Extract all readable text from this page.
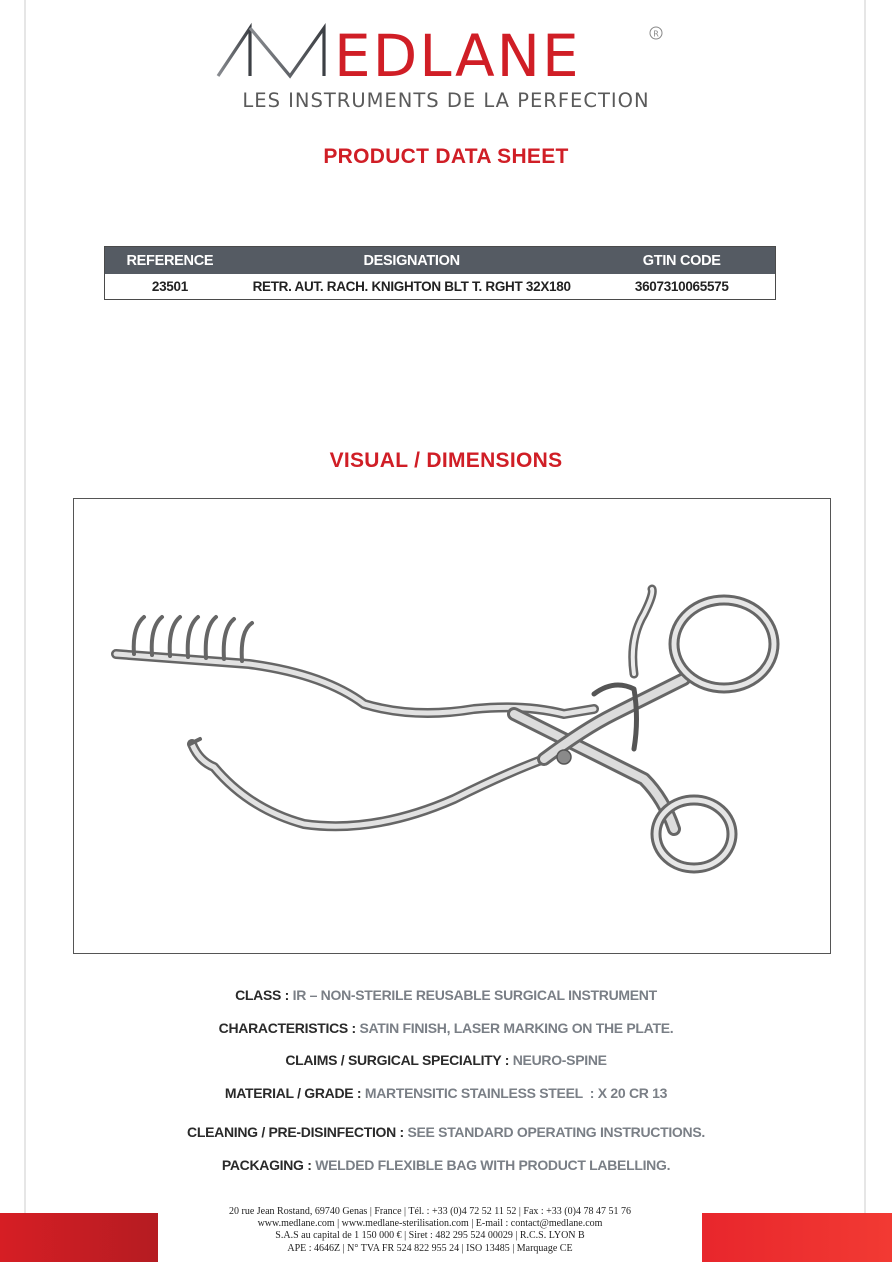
EDLANE	R
LES INSTRUMENTS DE LA PERFECTION
PRODUCT DATA SHEET
REFERENCE	DESIGNATION	GTIN CODE
23501	RETR. AUT. RACH. KNIGHTON BLT T. RGHT 32X180	3607310065575
VISUAL / DIMENSIONS
CLASS : IR – NON-STERILE REUSABLE SURGICAL INSTRUMENT
CHARACTERISTICS : SATIN FINISH, LASER MARKING ON THE PLATE.
CLAIMS / SURGICAL SPECIALITY : NEURO-SPINE
MATERIAL / GRADE : MARTENSITIC STAINLESS STEEL  : X 20 CR 13
CLEANING / PRE-DISINFECTION : SEE STANDARD OPERATING INSTRUCTIONS.
PACKAGING : WELDED FLEXIBLE BAG WITH PRODUCT LABELLING.
20 rue Jean Rostand, 69740 Genas | France | Tél. : +33 (0)4 72 52 11 52 | Fax : +33 (0)4 78 47 51 76
www.medlane.com | www.medlane-sterilisation.com | E-mail : contact@medlane.com
S.A.S au capital de 1 150 000 € | Siret : 482 295 524 00029 | R.C.S. LYON B
APE : 4646Z | N° TVA FR 524 822 955 24 | ISO 13485 | Marquage CE
